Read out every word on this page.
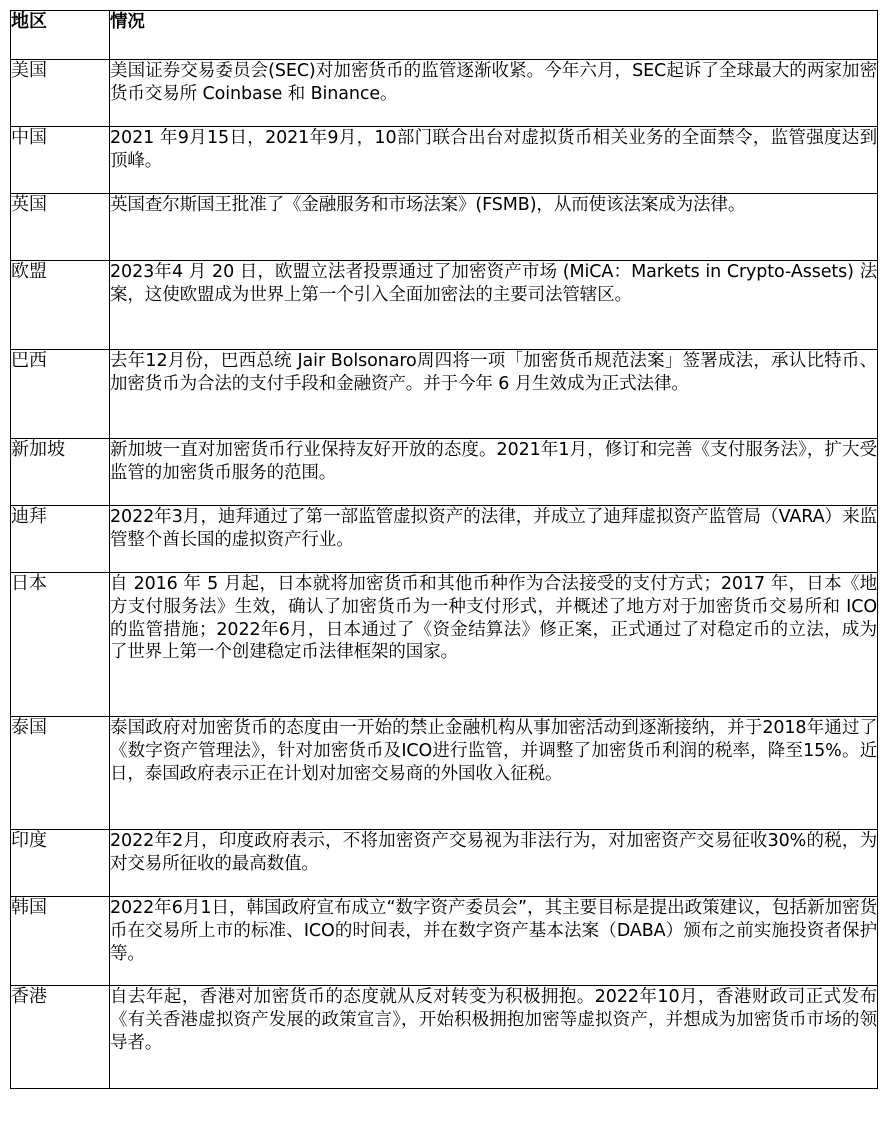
地区	情况
美国	美国证券交易委员会(SEC)对加密货币的监管逐渐收紧。今年六月，SEC起诉了全球最大的两家加密货币交易所 Coinbase 和 Binance。
中国	2021 年9月15日，2021年9月，10部门联合出台对虚拟货币相关业务的全面禁令，监管强度达到顶峰。
英国	英国查尔斯国王批准了《金融服务和市场法案》(FSMB)，从而使该法案成为法律。
欧盟	2023年4 月 20 日，欧盟立法者投票通过了加密资产市场 (MiCA：Markets in Crypto-Assets) 法案，这使欧盟成为世界上第一个引入全面加密法的主要司法管辖区。
巴西	去年12月份，巴西总统 Jair Bolsonaro周四将一项「加密货币规范法案」签署成法，承认比特币、加密货币为合法的支付手段和金融资产。并于今年 6 月生效成为正式法律。
新加坡	新加坡一直对加密货币行业保持友好开放的态度。2021年1月，修订和完善《支付服务法》，扩大受监管的加密货币服务的范围。
迪拜	2022年3月，迪拜通过了第一部监管虚拟资产的法律，并成立了迪拜虚拟资产监管局（VARA）来监管整个酋长国的虚拟资产行业。
日本	自 2016 年 5 月起，日本就将加密货币和其他币种作为合法接受的支付方式；2017 年，日本《地方支付服务法》生效，确认了加密货币为一种支付形式，并概述了地方对于加密货币交易所和 ICO 的监管措施；2022年6月，日本通过了《资金结算法》修正案，正式通过了对稳定币的立法，成为了世界上第一个创建稳定币法律框架的国家。
泰国	泰国政府对加密货币的态度由一开始的禁止金融机构从事加密活动到逐渐接纳，并于2018年通过了《数字资产管理法》，针对加密货币及ICO进行监管，并调整了加密货币利润的税率，降至15%。近日，泰国政府表示正在计划对加密交易商的外国收入征税。
印度	2022年2月，印度政府表示，不将加密资产交易视为非法行为，对加密资产交易征收30%的税，为对交易所征收的最高数值。
韩国	2022年6月1日，韩国政府宣布成立“数字资产委员会”，其主要目标是提出政策建议，包括新加密货币在交易所上市的标准、ICO的时间表，并在数字资产基本法案（DABA）颁布之前实施投资者保护等。
香港	自去年起，香港对加密货币的态度就从反对转变为积极拥抱。2022年10月，香港财政司正式发布《有关香港虚拟资产发展的政策宣言》，开始积极拥抱加密等虚拟资产，并想成为加密货币市场的领导者。
